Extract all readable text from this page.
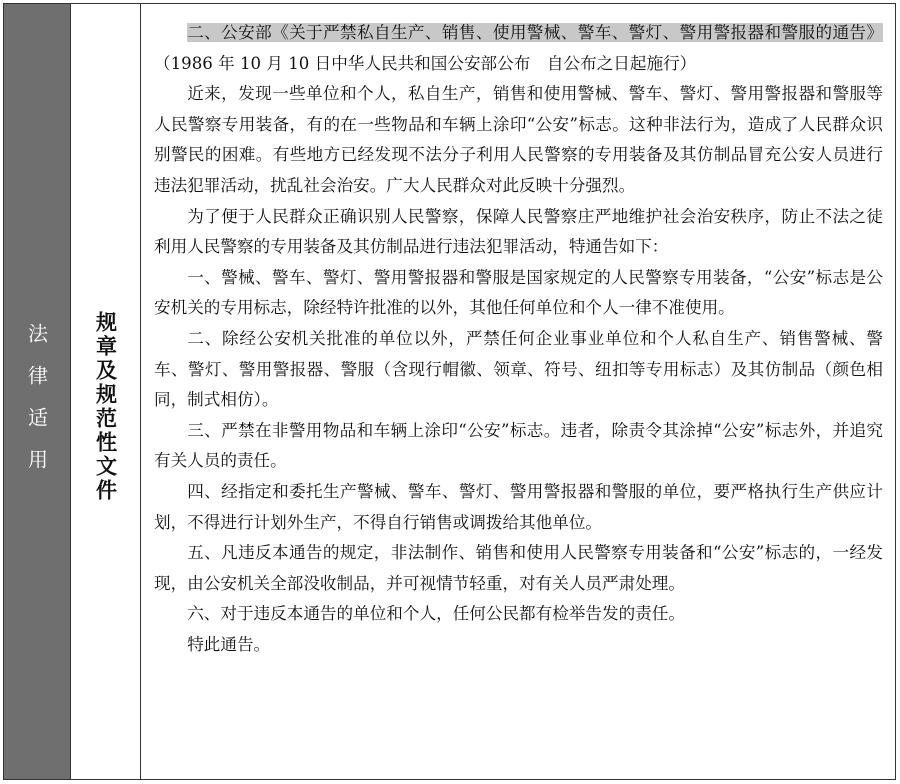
法律适用 规章及规范性文件

二、公安部《关于严禁私自生产、销售、使用警械、警车、警灯、警用警报器和警服的通告》（1986 年 10 月 10 日中华人民共和国公安部公布　自公布之日起施行）

近来，发现一些单位和个人，私自生产，销售和使用警械、警车、警灯、警用警报器和警服等人民警察专用装备，有的在一些物品和车辆上涂印“公安”标志。这种非法行为，造成了人民群众识别警民的困难。有些地方已经发现不法分子利用人民警察的专用装备及其仿制品冒充公安人员进行违法犯罪活动，扰乱社会治安。广大人民群众对此反映十分强烈。

为了便于人民群众正确识别人民警察，保障人民警察庄严地维护社会治安秩序，防止不法之徒利用人民警察的专用装备及其仿制品进行违法犯罪活动，特通告如下：

一、警械、警车、警灯、警用警报器和警服是国家规定的人民警察专用装备，“公安”标志是公安机关的专用标志，除经特许批准的以外，其他任何单位和个人一律不准使用。

二、除经公安机关批准的单位以外，严禁任何企业事业单位和个人私自生产、销售警械、警车、警灯、警用警报器、警服（含现行帽徽、领章、符号、纽扣等专用标志）及其仿制品（颜色相同，制式相仿）。

三、严禁在非警用物品和车辆上涂印“公安”标志。违者，除责令其涂掉“公安”标志外，并追究有关人员的责任。

四、经指定和委托生产警械、警车、警灯、警用警报器和警服的单位，要严格执行生产供应计划，不得进行计划外生产，不得自行销售或调拨给其他单位。

五、凡违反本通告的规定，非法制作、销售和使用人民警察专用装备和“公安”标志的，一经发现，由公安机关全部没收制品，并可视情节轻重，对有关人员严肃处理。

六、对于违反本通告的单位和个人，任何公民都有检举告发的责任。

特此通告。
